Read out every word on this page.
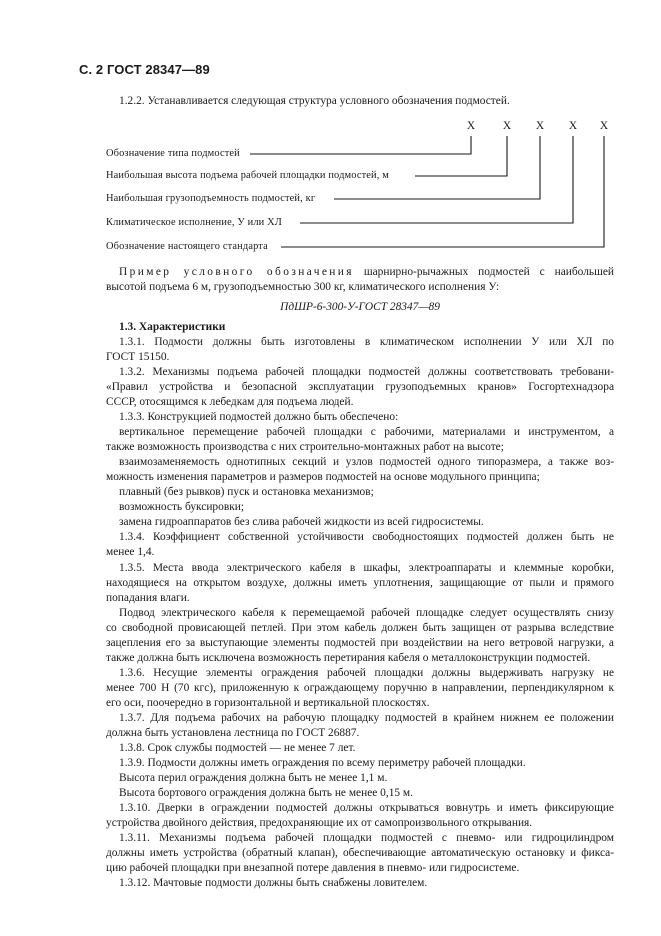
С. 2 ГОСТ 28347—89
1.2.2. Устанавливается следующая структура условного обозначения подмостей.
Х Х Х Х Х
Обозначение типа подмостей
Наибольшая высота подъема рабочей площадки подмостей, м
Наибольшая грузоподъемность подмостей, кг
Климатическое исполнение, У или ХЛ
Обозначение настоящего стандарта
Пример условного обозначения шарнирно-рычажных подмостей с наибольшей
высотой подъема 6 м, грузоподъемностью 300 кг, климатического исполнения У:
ПдШР-6-300-У-ГОСТ 28347—89
1.3. Характеристики
1.3.1. Подмости должны быть изготовлены в климатическом исполнении У или ХЛ по
ГОСТ 15150.
1.3.2. Механизмы подъема рабочей площадки подмостей должны соответствовать требовани-
«Правил устройства и безопасной эксплуатации грузоподъемных кранов» Госгортехнадзора
СССР, отосящимся к лебедкам для подъема людей.
1.3.3. Конструкцией подмостей должно быть обеспечено:
вертикальное перемещение рабочей площадки с рабочими, материалами и инструментом, а
также возможность производства с них строительно-монтажных работ на высоте;
взаимозаменяемость однотипных секций и узлов подмостей одного типоразмера, а также воз-
можность изменения параметров и размеров подмостей на основе модульного принципа;
плавный (без рывков) пуск и остановка механизмов;
возможность буксировки;
замена гидроаппаратов без слива рабочей жидкости из всей гидросистемы.
1.3.4. Коэффициент собственной устойчивости свободностоящих подмостей должен быть не
менее 1,4.
1.3.5. Места ввода электрического кабеля в шкафы, электроаппараты и клеммные коробки,
находящиеся на открытом воздухе, должны иметь уплотнения, защищающие от пыли и прямого
попадания влаги.
Подвод электрического кабеля к перемещаемой рабочей площадке следует осуществлять снизу
со свободной провисающей петлей. При этом кабель должен быть защищен от разрыва вследствие
зацепления его за выступающие элементы подмостей при воздействии на него ветровой нагрузки, а
также должна быть исключена возможность перетирания кабеля о металлоконструкции подмостей.
1.3.6. Несущие элементы ограждения рабочей площадки должны выдерживать нагрузку не
менее 700 Н (70 кгс), приложенную к ограждающему поручню в направлении, перпендикулярном к
его оси, поочередно в горизонтальной и вертикальной плоскостях.
1.3.7. Для подъема рабочих на рабочую площадку подмостей в крайнем нижнем ее положении
должна быть установлена лестница по ГОСТ 26887.
1.3.8. Срок службы подмостей — не менее 7 лет.
1.3.9. Подмости должны иметь ограждения по всему периметру рабочей площадки.
Высота перил ограждения должна быть не менее 1,1 м.
Высота бортового ограждения должна быть не менее 0,15 м.
1.3.10. Дверки в ограждении подмостей должны открываться вовнутрь и иметь фиксирующие
устройства двойного действия, предохраняющие их от самопроизвольного открывания.
1.3.11. Механизмы подъема рабочей площадки подмостей с пневмо- или гидроцилиндром
должны иметь устройства (обратный клапан), обеспечивающие автоматическую остановку и фикса-
цию рабочей площадки при внезапной потере давления в пневмо- или гидросистеме.
1.3.12. Мачтовые подмости должны быть снабжены ловителем.
